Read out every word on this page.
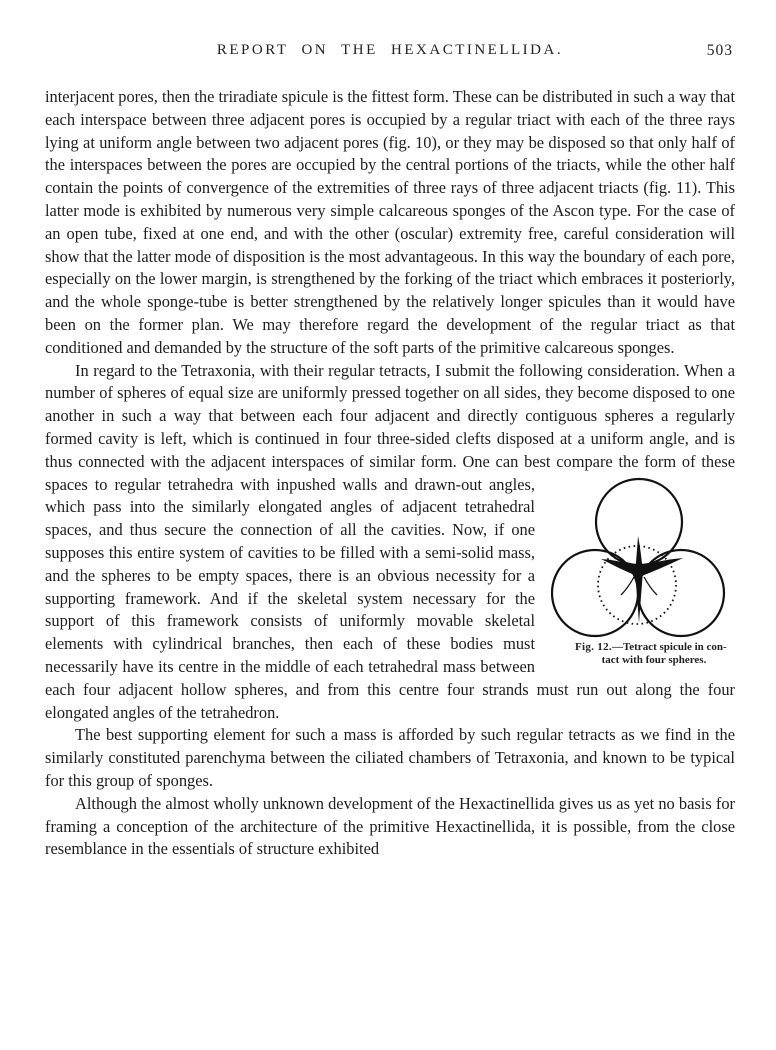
REPORT ON THE HEXACTINELLIDA.	503

interjacent pores, then the triradiate spicule is the fittest form. These can be distributed in such a way that each interspace between three adjacent pores is occupied by a regular triact with each of the three rays lying at uniform angle between two adjacent pores (fig. 10), or they may be disposed so that only half of the interspaces between the pores are occupied by the central portions of the triacts, while the other half contain the points of convergence of the extremities of three rays of three adjacent triacts (fig. 11). This latter mode is exhibited by numerous very simple calcareous sponges of the Ascon type. For the case of an open tube, fixed at one end, and with the other (oscular) extremity free, careful consideration will show that the latter mode of disposition is the most advantageous. In this way the boundary of each pore, especially on the lower margin, is strengthened by the forking of the triact which embraces it posteriorly, and the whole sponge-tube is better strengthened by the relatively longer spicules than it would have been on the former plan. We may therefore regard the development of the regular triact as that conditioned and demanded by the structure of the soft parts of the primitive calcareous sponges.

In regard to the Tetraxonia, with their regular tetracts, I submit the following consideration. When a number of spheres of equal size are uniformly pressed together on all sides, they become disposed to one another in such a way that between each four adjacent and directly contiguous spheres a regularly formed cavity is left, which is continued in four three-sided clefts disposed at a uniform angle, and is thus connected with the adjacent interspaces of similar form. One can best compare the form of these
Fig. 12.—Tetract spicule in con-
tact with four spheres.
spaces to regular tetrahedra with inpushed walls and drawn-out angles, which pass into the similarly elongated angles of adjacent tetrahedral spaces, and thus secure the connection of all the cavities. Now, if one supposes this entire system of cavities to be filled with a semi-solid mass, and the spheres to be empty spaces, there is an obvious necessity for a supporting framework. And if the skeletal system necessary for the support of this framework consists of uniformly movable skeletal elements with cylindrical branches, then each of these bodies must necessarily have its centre in the middle of each tetrahedral mass between each four adjacent hollow spheres, and from this centre four strands must run out along the four elongated angles of the tetrahedron.

The best supporting element for such a mass is afforded by such regular tetracts as we find in the similarly constituted parenchyma between the ciliated chambers of Tetraxonia, and known to be typical for this group of sponges.

Although the almost wholly unknown development of the Hexactinellida gives us as yet no basis for framing a conception of the architecture of the primitive Hexactinellida, it is possible, from the close resemblance in the essentials of structure exhibited
